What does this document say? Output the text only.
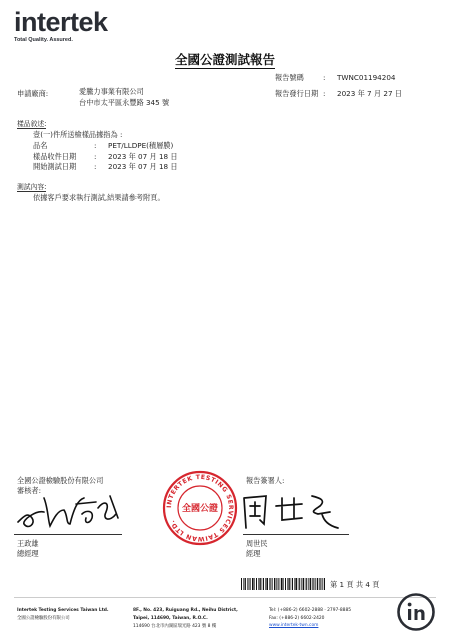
intertek
Total Quality. Assured.
全國公證測試報告
報告號碼	: TWNC01194204
報告發行日期 : 2023 年 7 月 27 日
申請廠商:	愛騰力事業有限公司
台中市太平區永豐路 345 號
樣品敘述:
壹(一)件所送檢樣品據指為 :
品名	: PET/LLDPE(積層膜)
樣品收件日期 : 2023 年 07 月 18 日
開始測試日期 : 2023 年 07 月 18 日
測試內容:
依據客戶要求執行測試,結果請參考附頁。
全國公證檢驗股份有限公司
審核者:
報告簽署人:
王政雄
總經理
周世民
經理
INTERTEK TESTING SERVICES TAIWAN LTD.
全國公證
第 1 頁 共 4 頁
Intertek Testing Services Taiwan Ltd.
全國公證檢驗股份有限公司
8F., No. 423, Ruiguang Rd., Neihu District,
Taipei, 114690, Taiwan, R.O.C.
114690 台北市內湖區瑞光路 423 號 8 樓
Tel: (+886-2) 6602-2888 · 2797-8885
Fax: (+886-2) 6602-2420
www.intertek-twn.com
